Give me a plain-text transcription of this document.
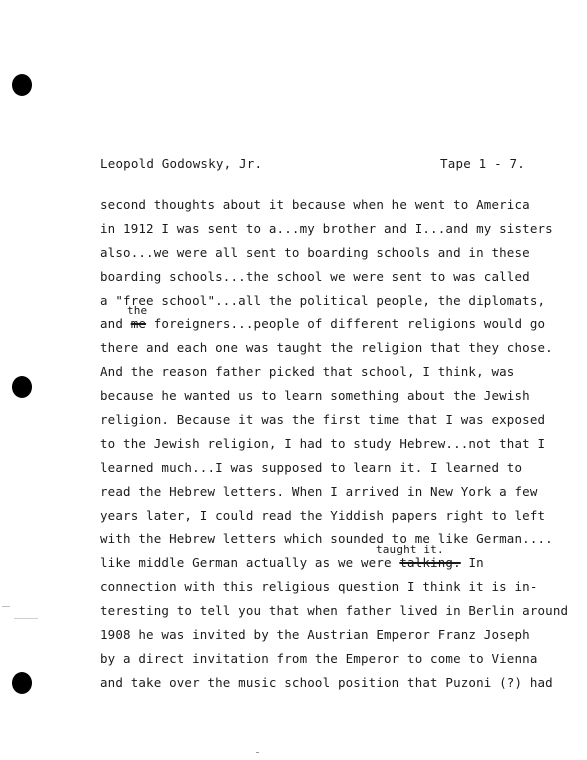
Leopold Godowsky, Jr.	Tape 1 - 7.
second thoughts about it because when he went to America
in 1912 I was sent to a...my brother and I...and my sisters
also...we were all sent to boarding schools and in these
boarding schools...the school we were sent to was called
a "free school"...all the political people, the diplomats,
the
and me foreigners...people of different religions would go
there and each one was taught the religion that they chose.
And the reason father picked that school, I think, was
because he wanted us to learn something about the Jewish
religion. Because it was the first time that I was exposed
to the Jewish religion, I had to study Hebrew...not that I
learned much...I was supposed to learn it. I learned to
read the Hebrew letters. When I arrived in New York a few
years later, I could read the Yiddish papers right to left
with the Hebrew letters which sounded to me like German....
taught it.
like middle German actually as we were talking. In
connection with this religious question I think it is in-
teresting to tell you that when father lived in Berlin around
1908 he was invited by the Austrian Emperor Franz Joseph
by a direct invitation from the Emperor to come to Vienna
and take over the music school position that Puzoni (?) had
